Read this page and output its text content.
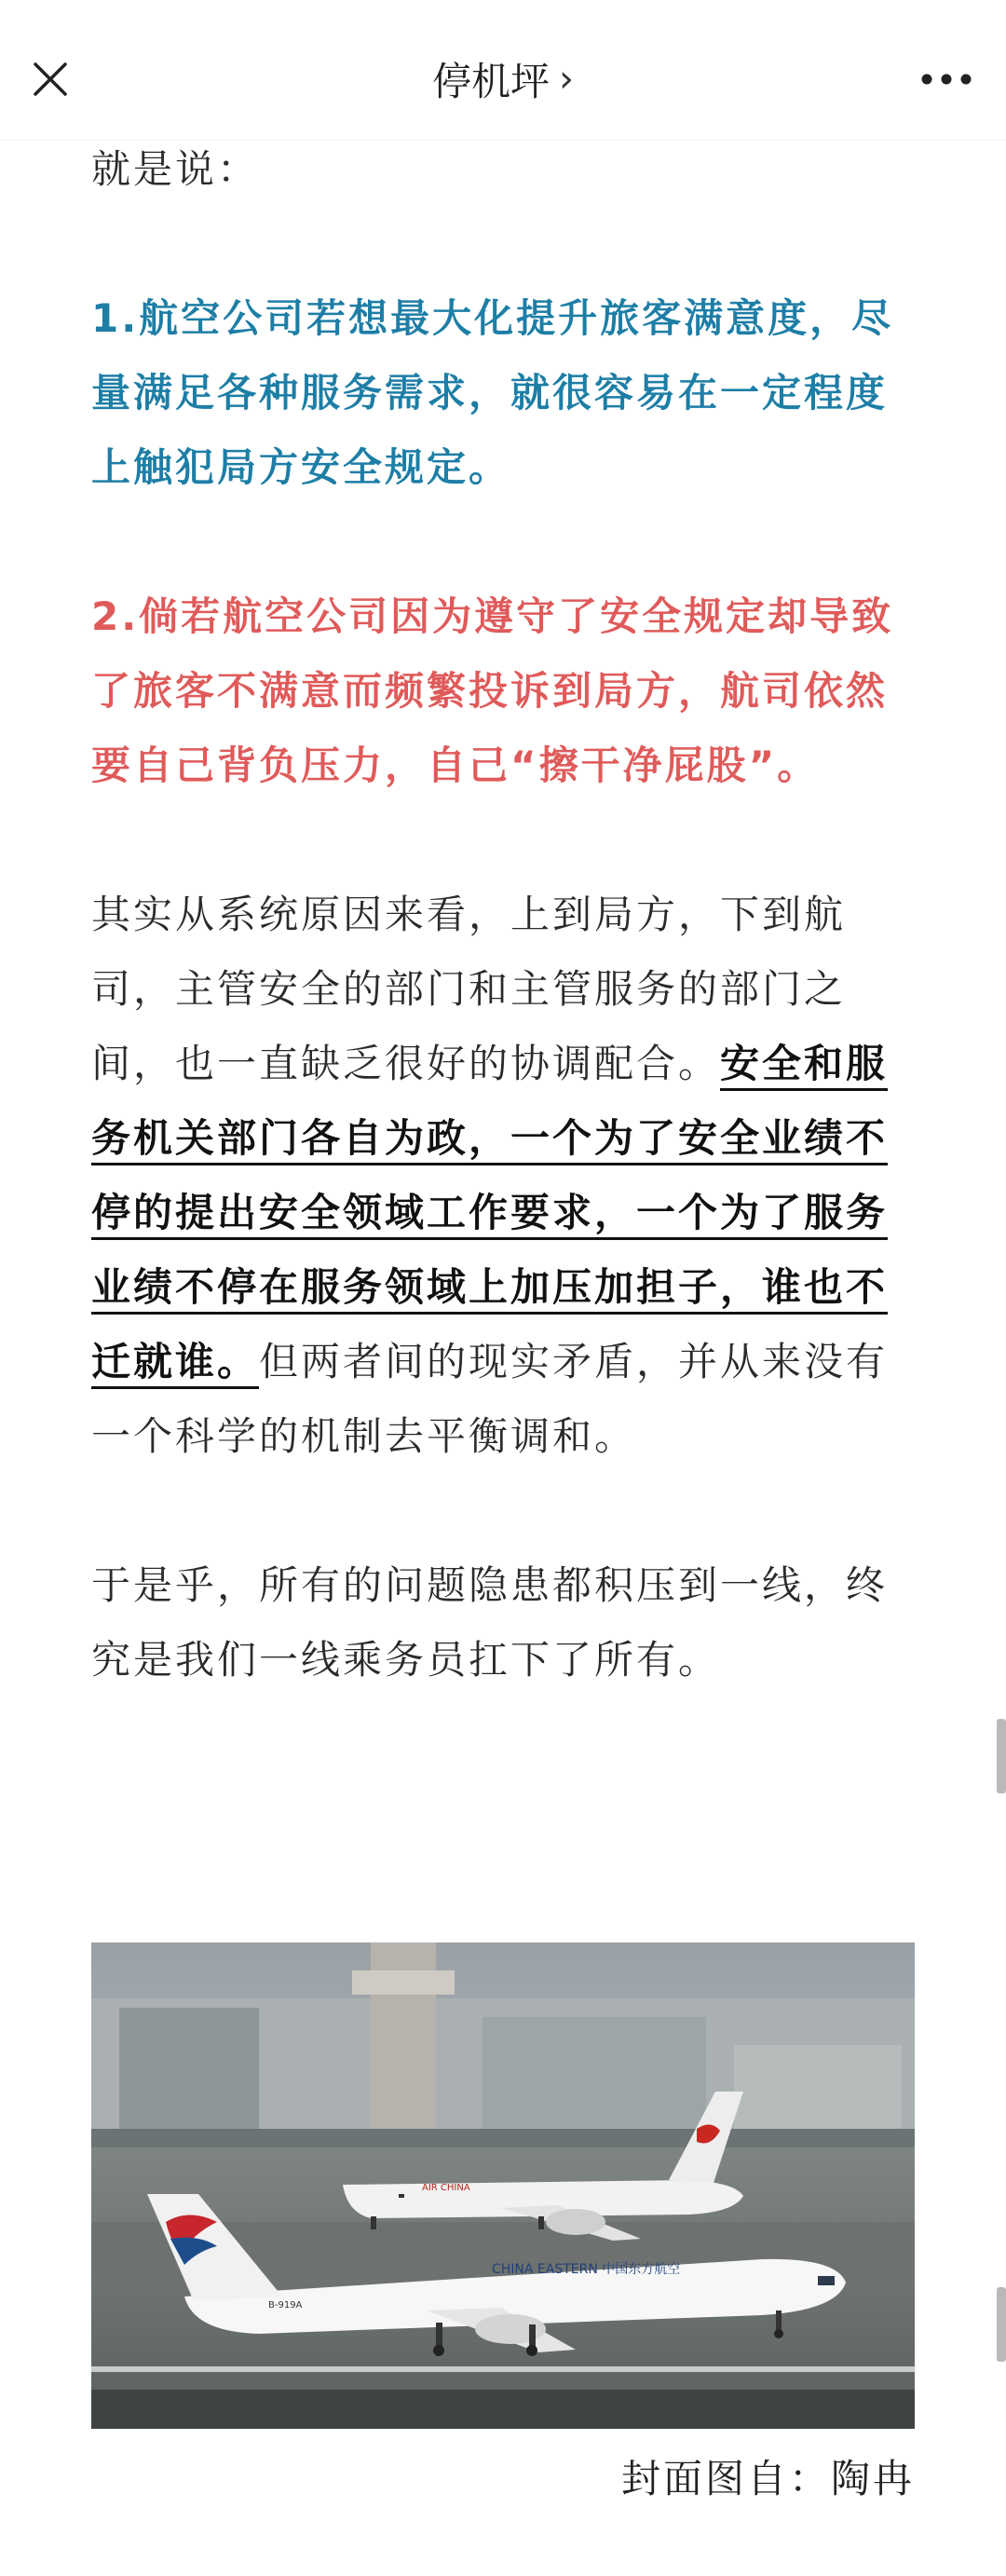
停机坪 ›

就是说：

1.航空公司若想最大化提升旅客满意度，尽量满足各种服务需求，就很容易在一定程度上触犯局方安全规定。

2.倘若航空公司因为遵守了安全规定却导致了旅客不满意而频繁投诉到局方，航司依然要自己背负压力，自己“擦干净屁股”。

其实从系统原因来看，上到局方，下到航司，主管安全的部门和主管服务的部门之间，也一直缺乏很好的协调配合。安全和服务机关部门各自为政，一个为了安全业绩不停的提出安全领域工作要求，一个为了服务业绩不停在服务领域上加压加担子，谁也不迁就谁。但两者间的现实矛盾，并从来没有一个科学的机制去平衡调和。

于是乎，所有的问题隐患都积压到一线，终究是我们一线乘务员扛下了所有。

AIR CHINA
CHINA EASTERN 中国东方航空
B-919A
封面图自：陶冉
